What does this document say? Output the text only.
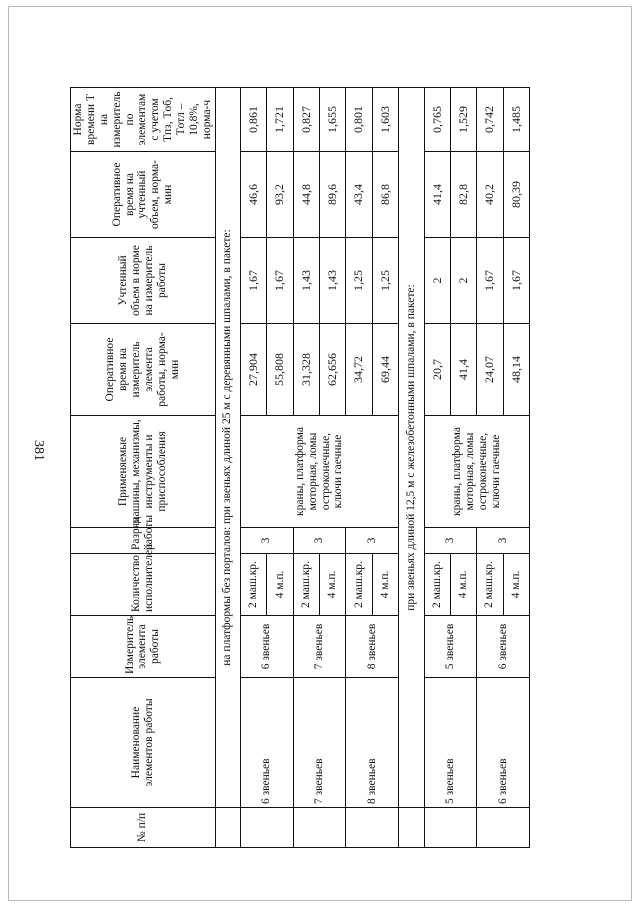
381
№ п/п	Наименование элементов работы	Измеритель элемента работы	Количество исполнителей	Разряд работы	Применяемые машины, механизмы, инструменты и приспособления	Оперативное время на измеритель элемента работы, норма-мин	Учтенный объем в норме на измеритель работы	Оперативное время на учтенный объем, норма-мин	Норма времени Т на измеритель по элементам с учетом Tпз, Tоб, Tотл – 10,8%, норма-ч
	на платформы без порталов: при звеньях длиной 25 м с деревянными шпалами, в пакете:								
	6 звеньев	6 звеньев	2 маш.кр.	3	краны, платформа моторная, ломы остроконечные, ключи гаечные	27,904	1,67	46,6	0,861
			4 м.п.			55,808	1,67	93,2	1,721
	7 звеньев	7 звеньев	2 маш.кр.	3		31,328	1,43	44,8	0,827
			4 м.п.			62,656	1,43	89,6	1,655
	8 звеньев	8 звеньев	2 маш.кр.	3		34,72	1,25	43,4	0,801
			4 м.п.			69,44	1,25	86,8	1,603
	при звеньях длиной 12,5 м с железобетонными шпалами, в пакете:								
	5 звеньев	5 звеньев	2 маш.кр.	3	краны, платформа моторная, ломы остроконечные, ключи гаечные	20,7	2	41,4	0,765
			4 м.п.			41,4	2	82,8	1,529
	6 звеньев	6 звеньев	2 маш.кр.	3		24,07	1,67	40,2	0,742
			4 м.п.			48,14	1,67	80,39	1,485
